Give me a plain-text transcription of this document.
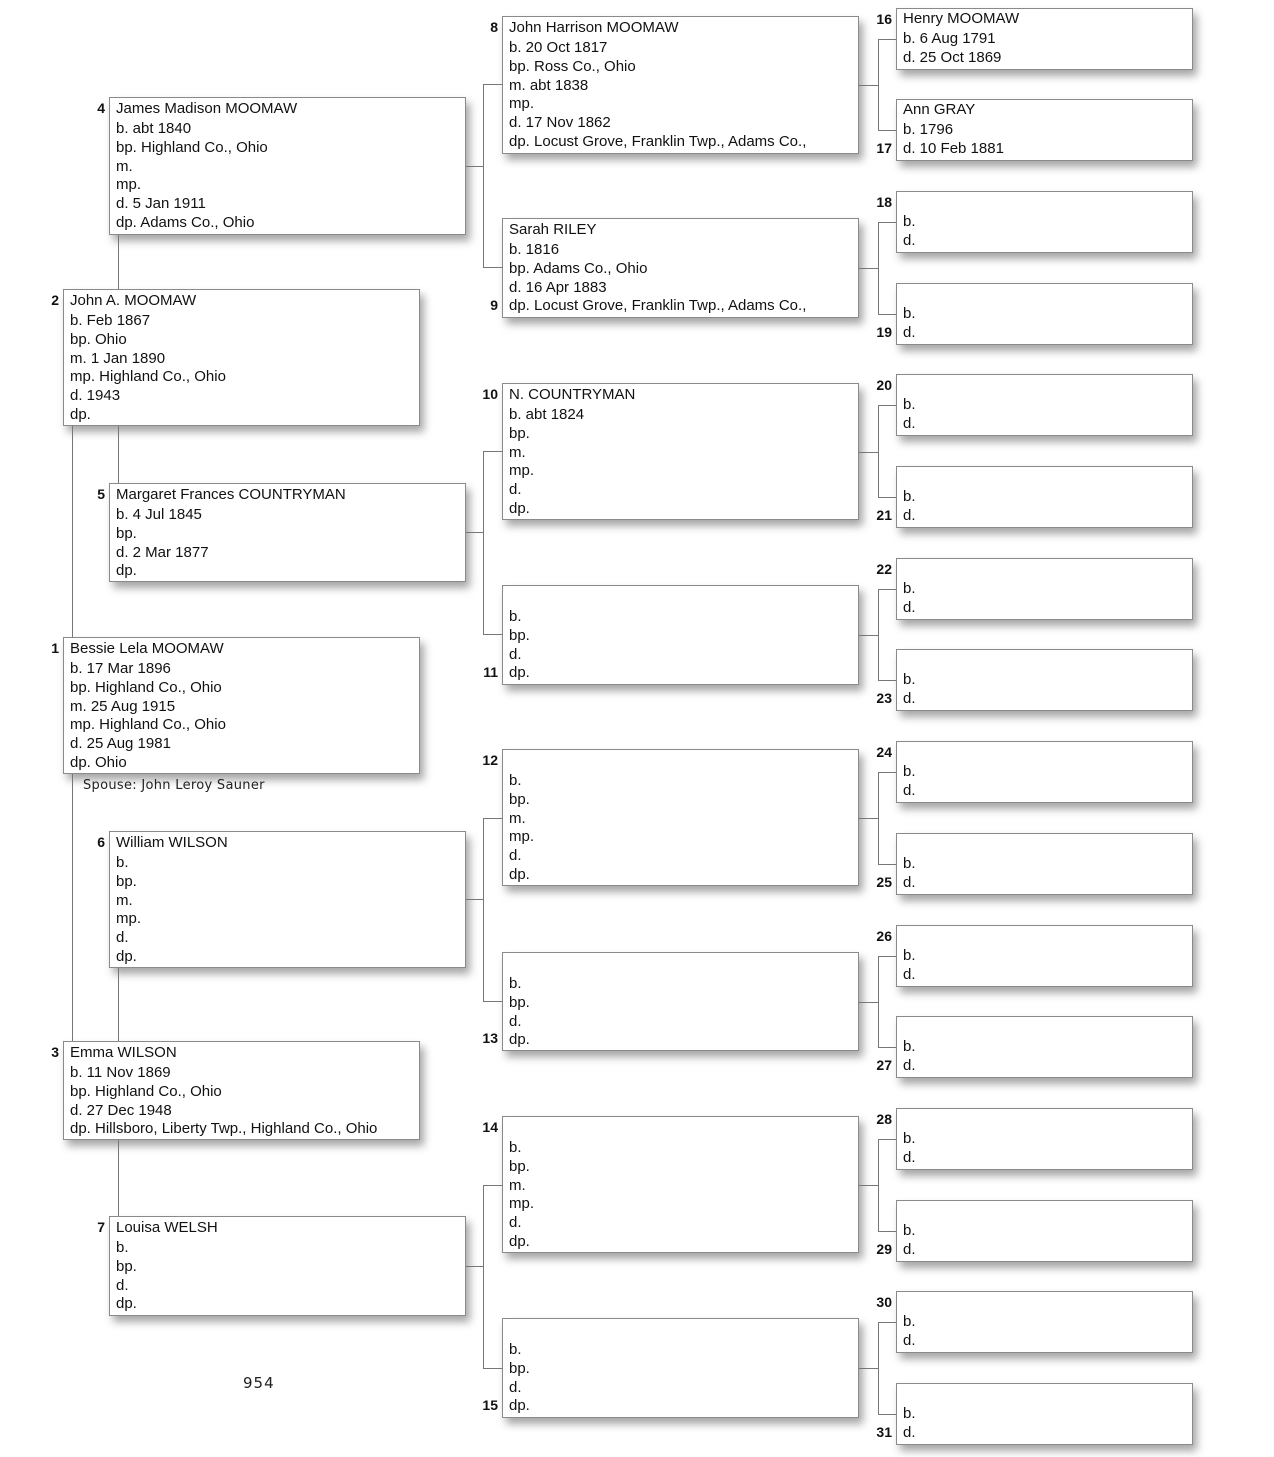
John A. MOOMAW
b. Feb 1867
bp. Ohio
m. 1 Jan 1890
mp. Highland Co., Ohio
d. 1943
dp.
2
Bessie Lela MOOMAW
b. 17 Mar 1896
bp. Highland Co., Ohio
m. 25 Aug 1915
mp. Highland Co., Ohio
d. 25 Aug 1981
dp. Ohio
1
Emma WILSON
b. 11 Nov 1869
bp. Highland Co., Ohio
d. 27 Dec 1948
dp. Hillsboro, Liberty Twp., Highland Co., Ohio
3
James Madison MOOMAW
b. abt 1840
bp. Highland Co., Ohio
m.
mp.
d. 5 Jan 1911
dp. Adams Co., Ohio
4
Margaret Frances COUNTRYMAN
b. 4 Jul 1845
bp.
d. 2 Mar 1877
dp.
5
William WILSON
b.
bp.
m.
mp.
d.
dp.
6
Louisa WELSH
b.
bp.
d.
dp.
7
John Harrison MOOMAW
b. 20 Oct 1817
bp. Ross Co., Ohio
m. abt 1838
mp.
d. 17 Nov 1862
dp. Locust Grove, Franklin Twp., Adams Co.,
8
Sarah RILEY
b. 1816
bp. Adams Co., Ohio
d. 16 Apr 1883
dp. Locust Grove, Franklin Twp., Adams Co.,
9
N. COUNTRYMAN
b. abt 1824
bp.
m.
mp.
d.
dp.
10
b.
bp.
d.
dp.
11
b.
bp.
m.
mp.
d.
dp.
12
b.
bp.
d.
dp.
13
b.
bp.
m.
mp.
d.
dp.
14
b.
bp.
d.
dp.
15
Henry MOOMAW
b. 6 Aug 1791
d. 25 Oct 1869
16
Ann GRAY
b. 1796
d. 10 Feb 1881
17
b.
d.
18
b.
d.
19
b.
d.
20
b.
d.
21
b.
d.
22
b.
d.
23
b.
d.
24
b.
d.
25
b.
d.
26
b.
d.
27
b.
d.
28
b.
d.
29
b.
d.
30
b.
d.
31
Spouse: John Leroy Sauner
954
